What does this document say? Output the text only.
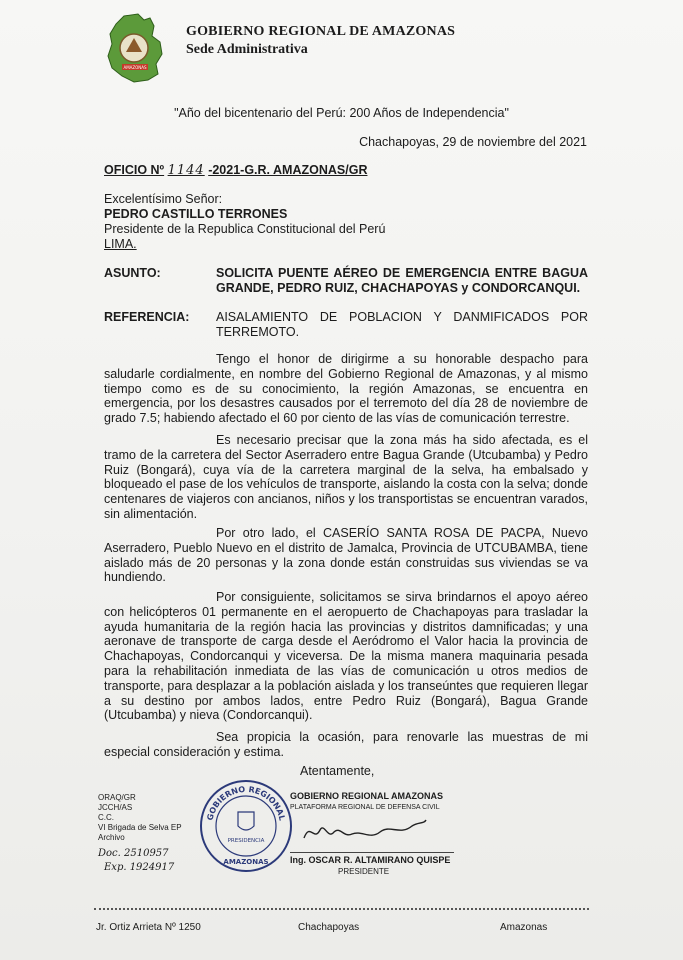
AMAZONAS
GOBIERNO REGIONAL DE AMAZONAS
Sede Administrativa
"Año del bicentenario del Perú: 200 Años de Independencia"
Chachapoyas, 29 de noviembre del 2021
OFICIO Nº 1144 -2021-G.R. AMAZONAS/GR
Excelentísimo Señor:
PEDRO CASTILLO TERRONES
Presidente de la Republica Constitucional del Perú
LIMA.
ASUNTO:	SOLICITA PUENTE AÉREO DE EMERGENCIA ENTRE BAGUA GRANDE, PEDRO RUIZ, CHACHAPOYAS y CONDORCANQUI.
REFERENCIA: AISALAMIENTO DE POBLACION Y DANMIFICADOS POR TERREMOTO.

Tengo el honor de dirigirme a su honorable despacho para saludarle cordialmente, en nombre del Gobierno Regional de Amazonas, y al mismo tiempo como es de su conocimiento, la región Amazonas, se encuentra en emergencia, por los desastres causados por el terremoto del día 28 de noviembre de grado 7.5; habiendo afectado el 60 por ciento de las vías de comunicación terrestre.

Es necesario precisar que la zona más ha sido afectada, es el tramo de la carretera del Sector Aserradero entre Bagua Grande (Utcubamba) y Pedro Ruiz (Bongará), cuya vía de la carretera marginal de la selva, ha embalsado y bloqueado el pase de los vehículos de transporte, aislando la costa con la selva; donde centenares de viajeros con ancianos, niños y los transportistas se encuentran varados, sin alimentación.

Por otro lado, el CASERÍO SANTA ROSA DE PACPA, Nuevo Aserradero, Pueblo Nuevo en el distrito de Jamalca, Provincia de UTCUBAMBA, tiene aislado más de 20 personas y la zona donde están construidas sus viviendas se va hundiendo.

Por consiguiente, solicitamos se sirva brindarnos el apoyo aéreo con helicópteros 01 permanente en el aeropuerto de Chachapoyas para trasladar la ayuda humanitaria de la región hacia las provincias y distritos damnificadas; y una aeronave de transporte de carga desde el Aeródromo el Valor hacia la provincia de Chachapoyas, Condorcanqui y viceversa. De la misma manera maquinaria pesada para la rehabilitación inmediata de las vías de comunicación u otros medios de transporte, para desplazar a la población aislada y los transeúntes que requieren llegar a su destino por ambos lados, entre Pedro Ruiz (Bongará), Bagua Grande (Utcubamba) y nieva (Condorcanqui).

Sea propicia la ocasión, para renovarle las muestras de mi especial consideración y estima.

Atentamente,
ORAQ/GR
JCCH/AS
C.C.
VI Brigada de Selva EP
Archivo
Doc. 2510957
Exp. 1924917
GOBIERNO REGIONAL
PRESIDENCIA
AMAZONAS
GOBIERNO REGIONAL AMAZONAS
PLATAFORMA REGIONAL DE DEFENSA CIVIL
Ing. OSCAR R. ALTAMIRANO QUISPE
PRESIDENTE
Jr. Ortiz Arrieta Nº 1250	Chachapoyas	Amazonas
